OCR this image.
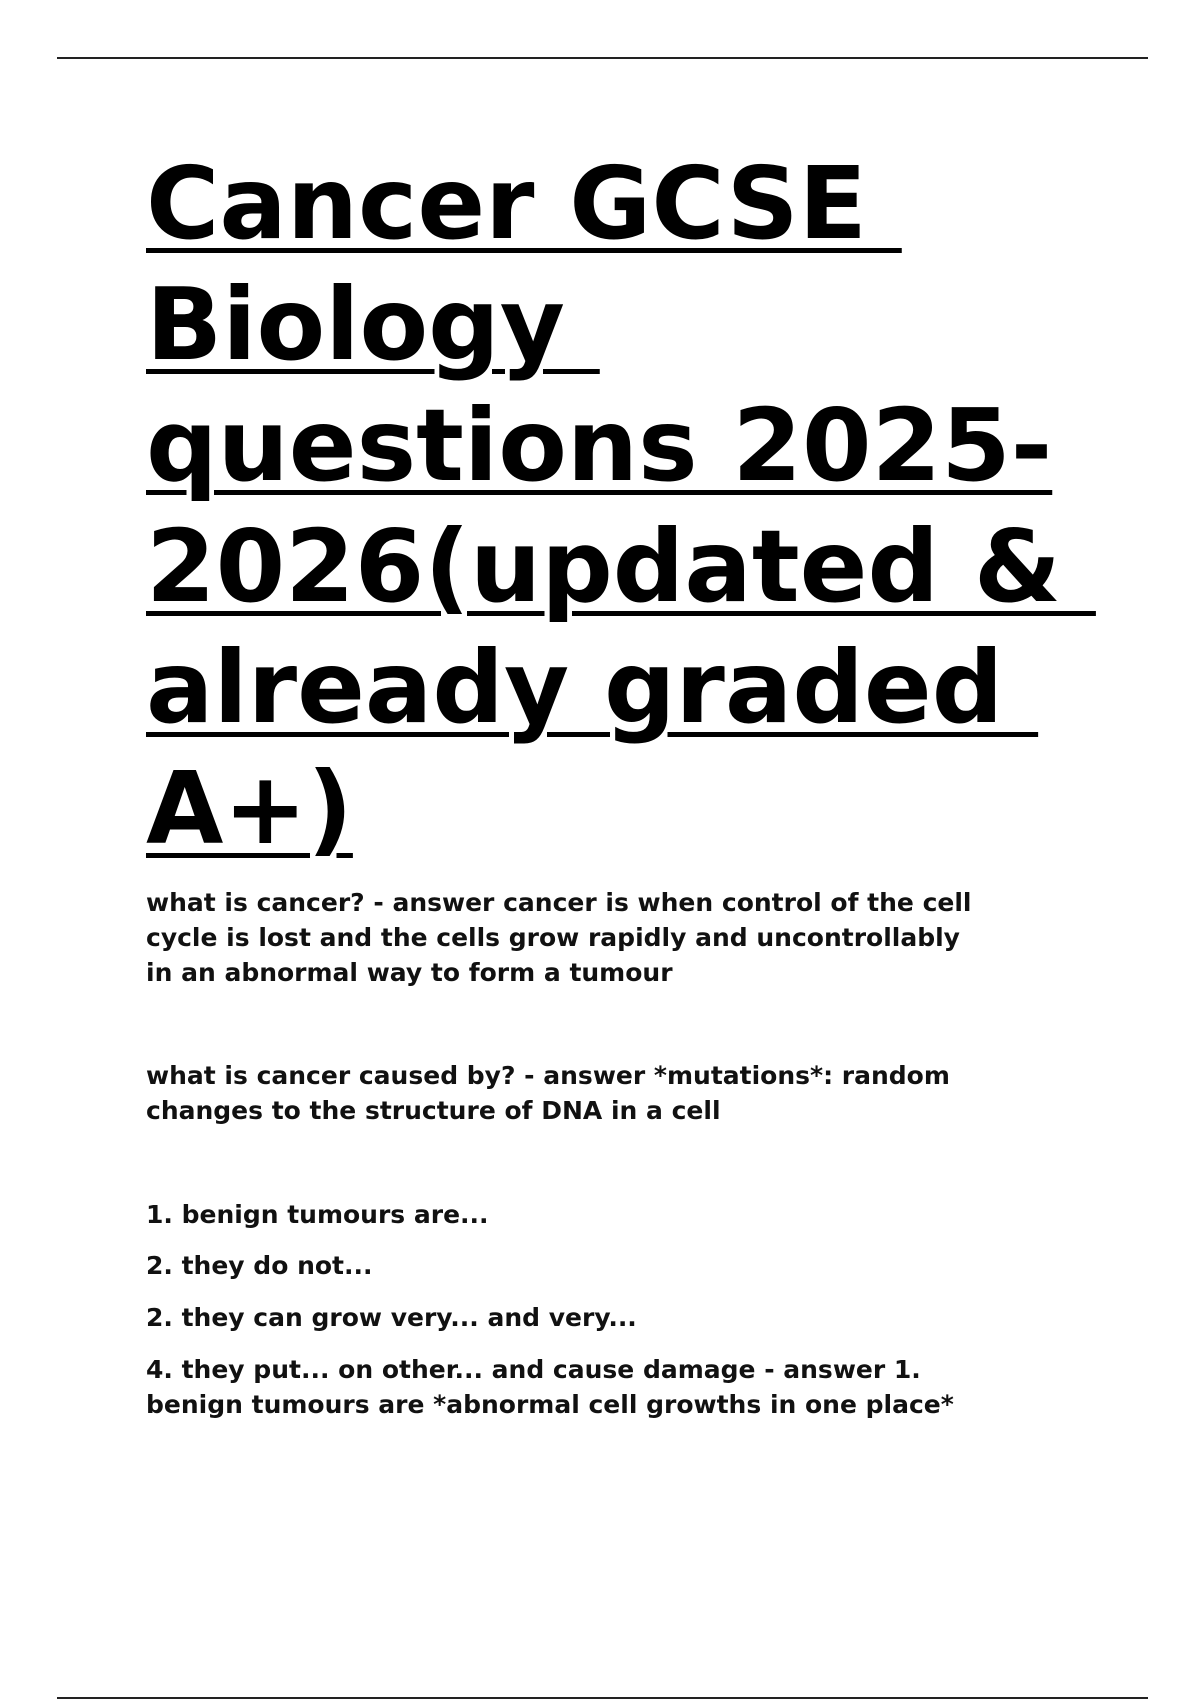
Cancer GCSE
Biology
questions 2025-
2026(updated &
already graded
A+)
what is cancer? - answer cancer is when control of the cell
cycle is lost and the cells grow rapidly and uncontrollably
in an abnormal way to form a tumour
what is cancer caused by? - answer *mutations*: random
changes to the structure of DNA in a cell
1. benign tumours are...
2. they do not...
2. they can grow very... and very...
4. they put... on other... and cause damage - answer 1.
benign tumours are *abnormal cell growths in one place*
